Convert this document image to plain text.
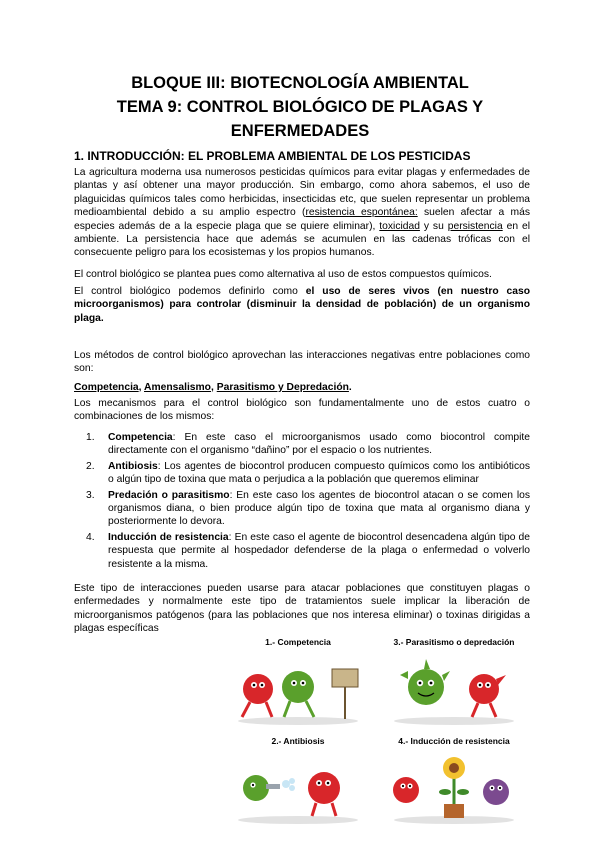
BLOQUE III: BIOTECNOLOGÍA AMBIENTAL
TEMA 9: CONTROL BIOLÓGICO DE PLAGAS Y
ENFERMEDADES
1. INTRODUCCIÓN: EL PROBLEMA AMBIENTAL DE LOS PESTICIDAS

La agricultura moderna usa numerosos pesticidas químicos para evitar plagas y enfermedades de plantas y así obtener una mayor producción. Sin embargo, como ahora sabemos, el uso de plaguicidas químicos tales como herbicidas, insecticidas etc, que suelen representar un problema medioambiental debido a su amplio espectro (resistencia espontánea: suelen afectar a más especies además de a la especie plaga que se quiere eliminar), toxicidad y su persistencia en el ambiente. La persistencia hace que además se acumulen en las cadenas tróficas con el consecuente peligro para los ecosistemas y los propios humanos.

El control biológico se plantea pues como alternativa al uso de estos compuestos químicos.

El control biológico podemos definirlo como el uso de seres vivos (en nuestro caso microorganismos) para controlar (disminuir la densidad de población) de un organismo plaga.

Los métodos de control biológico aprovechan las interacciones negativas entre poblaciones como son:

Competencia, Amensalismo, Parasitismo y Depredación.

Los mecanismos para el control biológico son fundamentalmente uno de estos cuatro o combinaciones de los mismos:

1. Competencia: En este caso el microorganismos usado como biocontrol compite directamente con el organismo “dañino” por el espacio o los nutrientes.
2. Antibiosis: Los agentes de biocontrol producen compuesto químicos como los antibióticos o algún tipo de toxina que mata o perjudica a la población que queremos eliminar
3. Predación o parasitismo: En este caso los agentes de biocontrol atacan o se comen los organismos diana, o bien produce algún tipo de toxina que mata al organismo diana y posteriormente lo devora.
4. Inducción de resistencia: En este caso el agente de biocontrol desencadena algún tipo de respuesta que permite al hospedador defenderse de la plaga o enfermedad o volverlo resistente a la misma.

Este tipo de interacciones pueden usarse para atacar poblaciones que constituyen plagas o enfermedades y normalmente este tipo de tratamientos suele implicar la liberación de microorganismos patógenos (para las poblaciones que nos interesa eliminar) o toxinas dirigidas a plagas específicas

1.- Competencia	3.- Parasitismo o depredación
2.- Antibiosis	4.- Inducción de resistencia
